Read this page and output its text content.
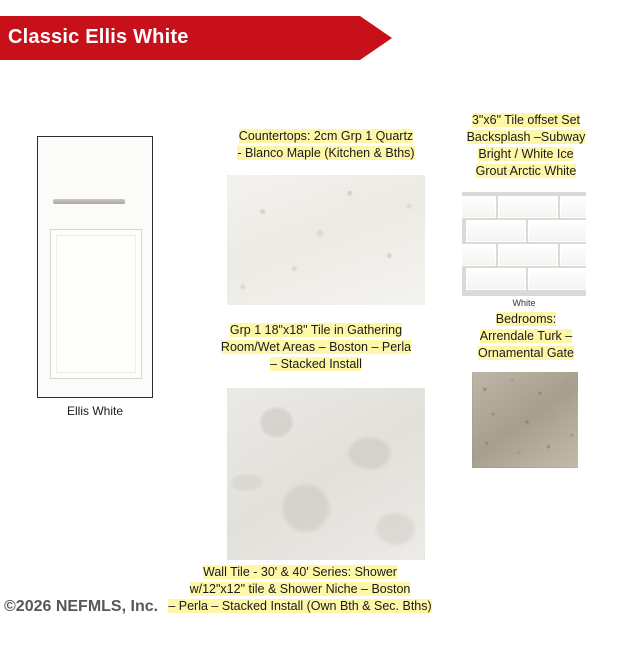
Classic Ellis White
Ellis White
Countertops: 2cm Grp 1 Quartz
- Blanco Maple (Kitchen & Bths)
Grp 1 18"x18" Tile in Gathering
Room/Wet Areas – Boston – Perla
– Stacked Install
Wall Tile - 30' & 40' Series: Shower
w/12"x12" tile & Shower Niche – Boston
– Perla – Stacked Install (Own Bth & Sec. Bths)
3"x6" Tile offset Set
Backsplash –Subway
Bright / White Ice
Grout Arctic White
White
Bedrooms:
Arrendale Turk –
Ornamental Gate
©2026 NEFMLS, Inc.
